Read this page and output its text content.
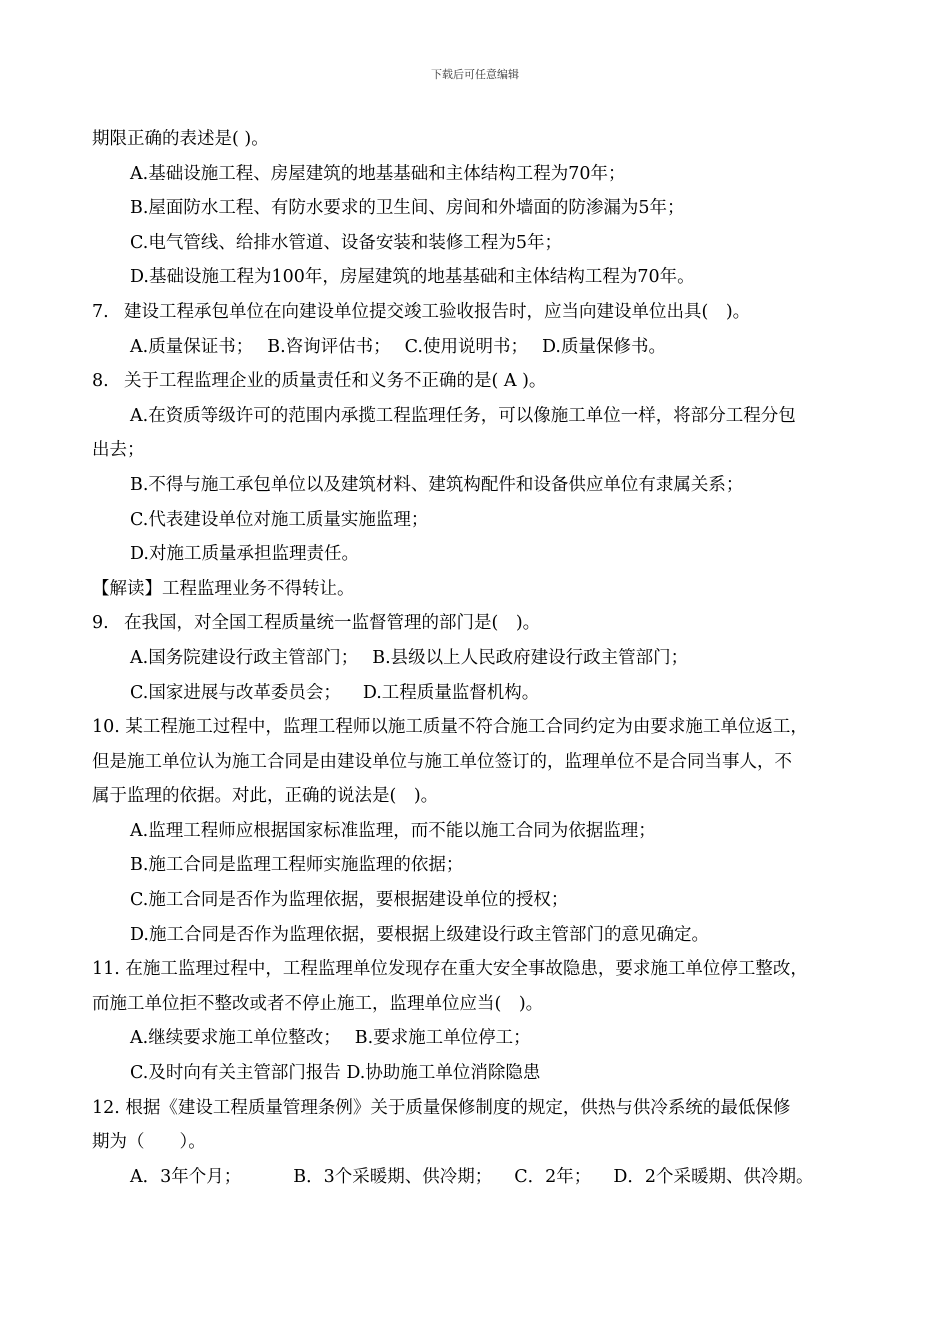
下载后可任意编辑
期限正确的表述是( )。
A.基础设施工程、房屋建筑的地基基础和主体结构工程为70年；
B.屋面防水工程、有防水要求的卫生间、房间和外墙面的防渗漏为5年；
C.电气管线、给排水管道、设备安装和装修工程为5年；
D.基础设施工程为100年，房屋建筑的地基基础和主体结构工程为70年。
7. 建设工程承包单位在向建设单位提交竣工验收报告时，应当向建设单位出具(　)。
A.质量保证书； B.咨询评估书； C.使用说明书； D.质量保修书。
8. 关于工程监理企业的质量责任和义务不正确的是( A )。
A.在资质等级许可的范围内承揽工程监理任务，可以像施工单位一样，将部分工程分包
出去；
B.不得与施工承包单位以及建筑材料、建筑构配件和设备供应单位有隶属关系；
C.代表建设单位对施工质量实施监理；
D.对施工质量承担监理责任。
【解读】工程监理业务不得转让。
9. 在我国，对全国工程质量统一监督管理的部门是(　)。
A.国务院建设行政主管部门； B.县级以上人民政府建设行政主管部门；
C.国家进展与改革委员会； D.工程质量监督机构。
10. 某工程施工过程中，监理工程师以施工质量不符合施工合同约定为由要求施工单位返工，
但是施工单位认为施工合同是由建设单位与施工单位签订的，监理单位不是合同当事人，不
属于监理的依据。对此，正确的说法是(　)。
A.监理工程师应根据国家标准监理，而不能以施工合同为依据监理；
B.施工合同是监理工程师实施监理的依据；
C.施工合同是否作为监理依据，要根据建设单位的授权；
D.施工合同是否作为监理依据，要根据上级建设行政主管部门的意见确定。
11. 在施工监理过程中，工程监理单位发现存在重大安全事故隐患，要求施工单位停工整改，
而施工单位拒不整改或者不停止施工，监理单位应当(　)。
A.继续要求施工单位整改； B.要求施工单位停工；
C.及时向有关主管部门报告 D.协助施工单位消除隐患
12. 根据《建设工程质量管理条例》关于质量保修制度的规定，供热与供冷系统的最低保修
期为（　　）。
A．3年个月；	B．3个采暖期、供冷期； C．2年； D．2个采暖期、供冷期。
